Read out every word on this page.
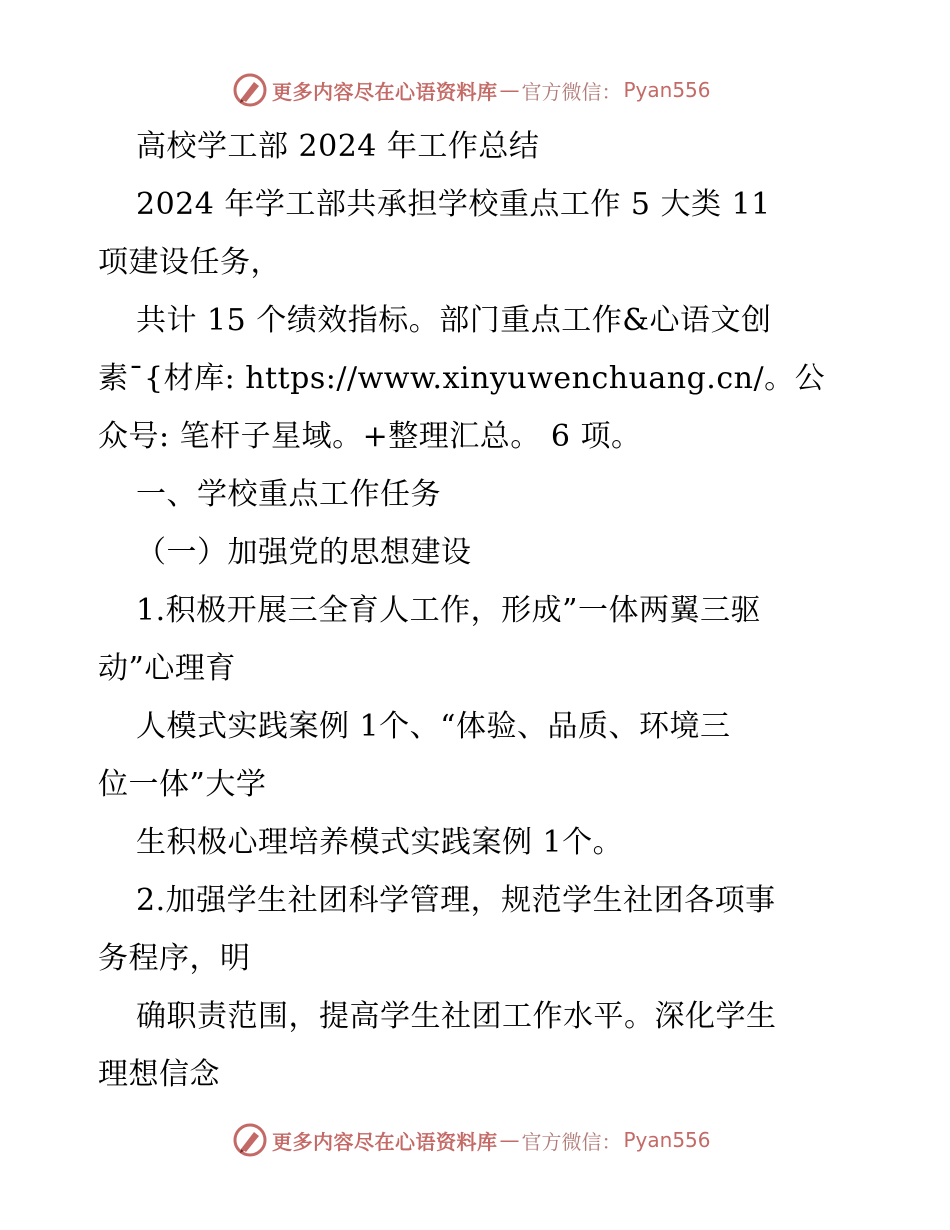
更多内容尽在心语资料库 — 官方微信： Pyan556
高校学工部 2024 年工作总结
2024 年学工部共承担学校重点工作 5 大类 11
项建设任务，
共计 15 个绩效指标。部门重点工作&心语文创
素¯{材库: https://www.xinyuwenchuang.cn/。公
众号: 笔杆子星域。+整理汇总。 6 项。
一、学校重点工作任务
（一）加强党的思想建设
1.积极开展三全育人工作，形成”一体两翼三驱
动”心理育
人模式实践案例 1个、“体验、品质、环境三
位一体”大学
生积极心理培养模式实践案例 1个。
2.加强学生社团科学管理，规范学生社团各项事
务程序，明
确职责范围，提高学生社团工作水平。深化学生
理想信念
更多内容尽在心语资料库 — 官方微信： Pyan556
